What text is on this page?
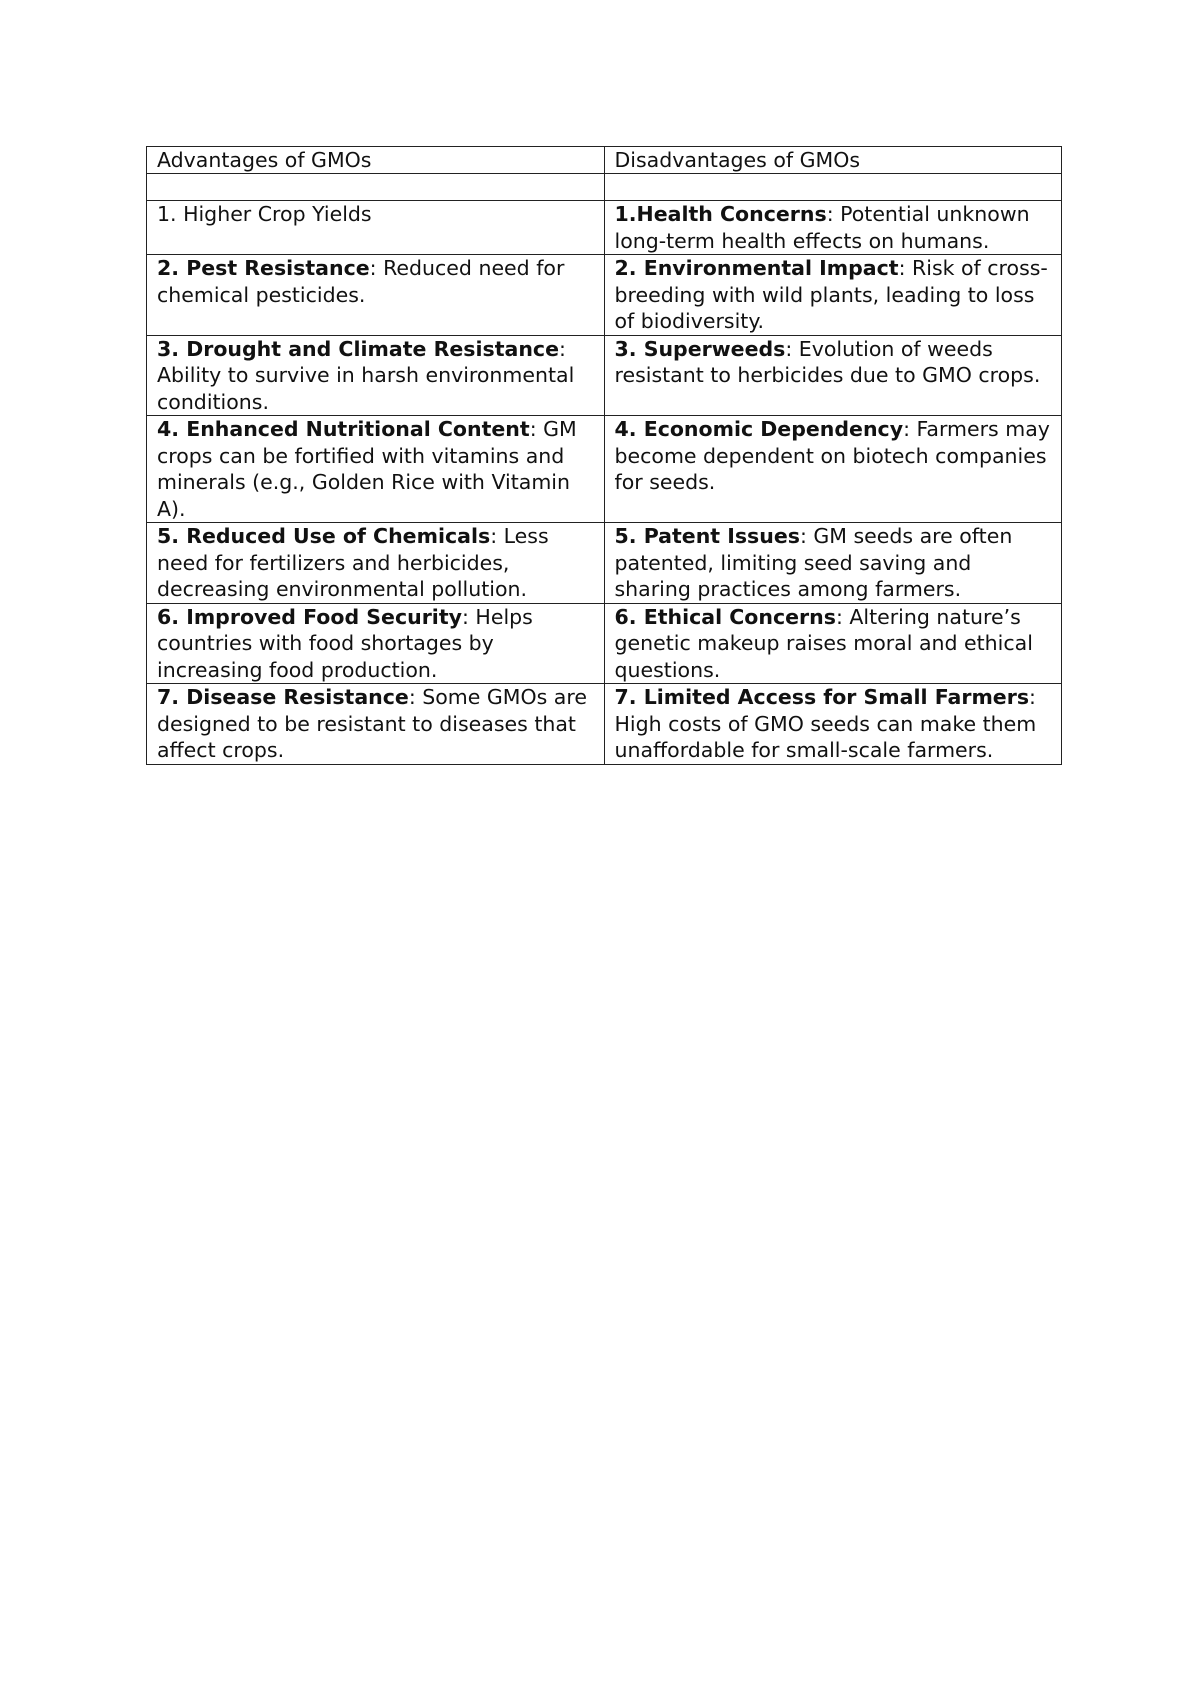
Advantages of GMOs	Disadvantages of GMOs

1. Higher Crop Yields	1.Health Concerns: Potential unknown long-term health effects on humans.
2. Pest Resistance: Reduced need for chemical pesticides.	2. Environmental Impact: Risk of cross-breeding with wild plants, leading to loss of biodiversity.
3. Drought and Climate Resistance: Ability to survive in harsh environmental conditions.	3. Superweeds: Evolution of weeds resistant to herbicides due to GMO crops.
4. Enhanced Nutritional Content: GM crops can be fortified with vitamins and minerals (e.g., Golden Rice with Vitamin A).	4. Economic Dependency: Farmers may become dependent on biotech companies for seeds.
5. Reduced Use of Chemicals: Less need for fertilizers and herbicides, decreasing environmental pollution.	5. Patent Issues: GM seeds are often patented, limiting seed saving and sharing practices among farmers.
6. Improved Food Security: Helps countries with food shortages by increasing food production.	6. Ethical Concerns: Altering nature’s genetic makeup raises moral and ethical questions.
7. Disease Resistance: Some GMOs are designed to be resistant to diseases that affect crops.	7. Limited Access for Small Farmers: High costs of GMO seeds can make them unaffordable for small-scale farmers.
